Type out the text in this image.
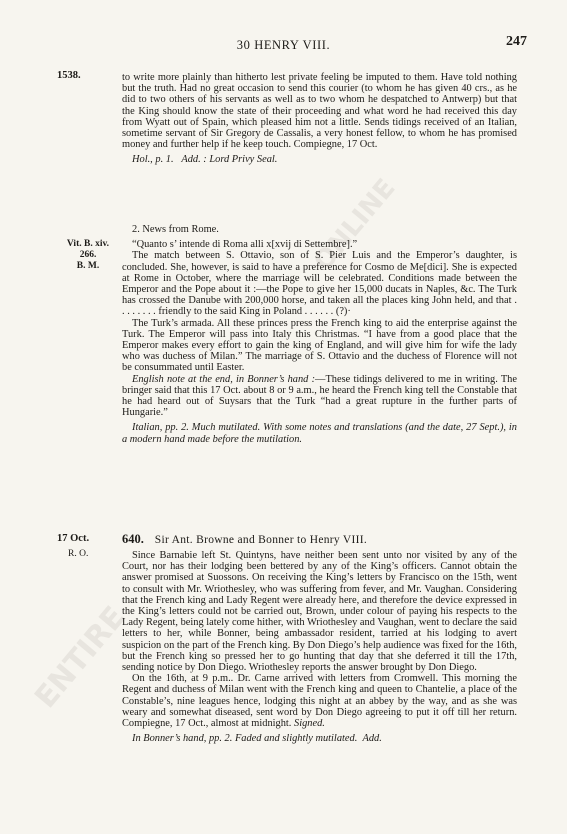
ONLINE
ENTIRE
30 HENRY VIII.	247
1538.	to write more plainly than hitherto lest private feeling be imputed to them. Have told nothing but the truth. Had no great occasion to send this courier (to whom he has given 40 crs., as he did to two others of his servants as well as to two whom he despatched to Antwerp) but that the King should know the state of their proceeding and what word he had received this day from Wyatt out of Spain, which pleased him not a little. Sends tidings received of an Italian, sometime servant of Sir Gregory de Cassalis, a very honest fellow, to whom he has promised money and further help if he keep touch. Compiegne, 17 Oct.

Hol., p. 1. Add. : Lord Privy Seal.

Vit. B. xiv.
266.
B. M.

2. News from Rome.

“Quanto s’ intende di Roma alli x[xvij di Settembre].”

The match between S. Ottavio, son of S. Pier Luis and the Emperor’s daughter, is concluded. She, however, is said to have a preference for Cosmo de Me[dici]. She is expected at Rome in October, where the marriage will be celebrated. Conditions made between the Emperor and the Pope about it :—the Pope to give her 15,000 ducats in Naples, &c. The Turk has crossed the Danube with 200,000 horse, and taken all the places king John held, and that . . . . . . . . friendly to the said King in Poland . . . . . . (?)·

The Turk’s armada. All these princes press the French king to aid the enterprise against the Turk. The Emperor will pass into Italy this Christmas. “I have from a good place that the Emperor makes every effort to gain the king of England, and will give him for wife the lady who was duchess of Milan.” The marriage of S. Ottavio and the duchess of Florence will not be consummated until Easter.

English note at the end, in Bonner’s hand :—These tidings delivered to me in writing. The bringer said that this 17 Oct. about 8 or 9 a.m., he heard the French king tell the Constable that he had heard out of Suysars that the Turk “had a great rupture in the further parts of Hungarie.”

Italian, pp. 2. Much mutilated. With some notes and translations (and the date, 27 Sept.), in a modern hand made before the mutilation.

17 Oct.
R. O.
640. Sir Ant. Browne and Bonner to Henry VIII.

Since Barnabie left St. Quintyns, have neither been sent unto nor visited by any of the Court, nor has their lodging been bettered by any of the King’s officers. Cannot obtain the answer promised at Suossons. On receiving the King’s letters by Francisco on the 15th, went to consult with Mr. Wriothesley, who was suffering from fever, and Mr. Vaughan. Considering that the French king and Lady Regent were already here, and therefore the device expressed in the King’s letters could not be carried out, Brown, under colour of paying his respects to the Lady Regent, being lately come hither, with Wriothesley and Vaughan, went to declare the said letters to her, while Bonner, being ambassador resident, tarried at his lodging to avert suspicion on the part of the French king. By Don Diego’s help audience was fixed for the 16th, but the French king so pressed her to go hunting that day that she deferred it till the 17th, sending notice by Don Diego. Wriothesley reports the answer brought by Don Diego.

On the 16th, at 9 p.m.. Dr. Carne arrived with letters from Cromwell. This morning the Regent and duchess of Milan went with the French king and queen to Chantelie, a place of the Constable’s, nine leagues hence, lodging this night at an abbey by the way, and as she was weary and somewhat diseased, sent word by Don Diego agreeing to put it off till her return. Compiegne, 17 Oct., almost at midnight. Signed.

In Bonner’s hand, pp. 2. Faded and slightly mutilated. Add.
